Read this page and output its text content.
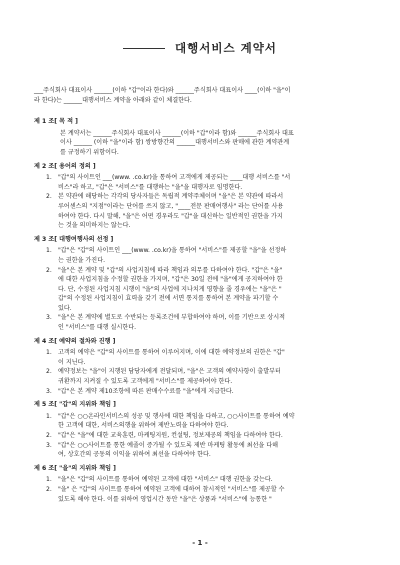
대행서비스 계약서

___주식회사 대표이사 ______(이하 "갑"이라 한다)와 ______주식회사 대표이사 ____(이하 "을"이

라 한다)는 ______대행서비스 계약을 아래와 같이 체결한다.

제 1 조[ 목 적 ]
본 계약서는 ______주식회사 대표이사 ______(이하 "갑"이라 함)와 ______주식회사 대표
이사 ______ (이하 "을"이라 함) 쌍방향간의 ______대행서비스와 판매에 관한 계약관계
를 규정하기 위함이다.
제 2 조[ 용어의 정의 ]
1.	"갑"의 사이트인 ___(www. .co.kr)을 통하여 고객에게 제공되는 ____대행 서비스를 "서
비스"라 하고, "갑"은 "서비스"를 대행하는 "을"을 대행자로 임명한다.
2.	본 약관에 해당하는 각각의 당사자들은 독립적 계약주체이며 "을"은 본 약관에 따라서
루어센스의 "지점"이라는 단어를 쓰지 않고, "____전문 판매여행사" 라는 단어를 사용
하여야 한다. 다시 말해, "을"은 어떤 경우라도 "갑"을 대신하는 일반적인 권한을 가지
는 것을 의미하지는 않는다.
제 3 조[ 대행여행사의 선정 ]
1.	"갑"은 "갑"의 사이트인 ___(www. .co.kr)을 통하여 "서비스"를 제공할 "을"을 선정하
는 권한을 가진다.
2.	"을"은 본 계약 및 "갑"의 사업지침에 따라 책임과 의무를 다하여야 한다. "갑"은 "을"
에 대한 사업지침을 수정할 권한을 가지며, "갑"은 30일 전에 "을"에게 공지하여야 한
다. 단, 수정된 사업지침 시행이 "을"의 사업에 지나치게 영향을 줄 경우에는 "을"은 "
갑"의 수정된 사업지침이 효력을 갖기 전에 서면 통지를 통하여 본 계약을 파기할 수
있다.
3.	"을"은 본 계약에 별도로 수반되는 등록조건에 부합하여야 하며, 이를 기반으로 상시적
인 "서비스"를 대행 실시한다.
제 4 조[ 예약의 절차와 진행 ]
1.	고객의 예약은 "갑"의 사이트를 통하여 이루어지며, 이에 대한 예약정보의 권한은 "갑"
이 지닌다.
2.	예약정보는 "을"이 지행된 담당자에게 전달되며, "을"은 고객의 예약사항이 출발부터
귀환까지 지켜질 수 있도록 고객에게 "서비스"를 제공하여야 한다.
3.	"갑"은 본 계약 제10조항에 따른 판매수수료를 "을"에게 지급한다.
제 5 조[ "갑"의 지위와 책임 ]
1.	"갑"은 ○○온라인서비스의 성공 및 행사에 대한 책임을 다하고, ○○사이트를 통하여 예약
한 고객에 대한, 서비스의행을 위하여 제반노력을 다하여야 한다.
2.	"갑"은 "을"에 대한 교육훈련, 마케팅지원, 컨설팅, 정보제공의 책임을 다하여야 한다.
3.	"갑"은 ○○사이트를 통한 예졸이 증가될 수 있도록 제반 마케팅 활동에 최선을 다해
여, 상호간의 공동의 이익을 위하여 최선을 다하여야 한다.
제 6 조[ "을"의 지위와 책임 ]
1.	"을"은 "갑"의 사이트를 통하여 예약된 고객에 대한 "서비스" 대행 권한을 갖는다.
2.	"을" 은 "갑"의 사이트를 통하여 예약된 고객에 대하여 참시적인 "서비스"를 제공할 수
있도록 해야 한다. 이를 위하여 영업시간 동안 "을"은 상품과 "서비스"에 능통한 "
- 1 -
